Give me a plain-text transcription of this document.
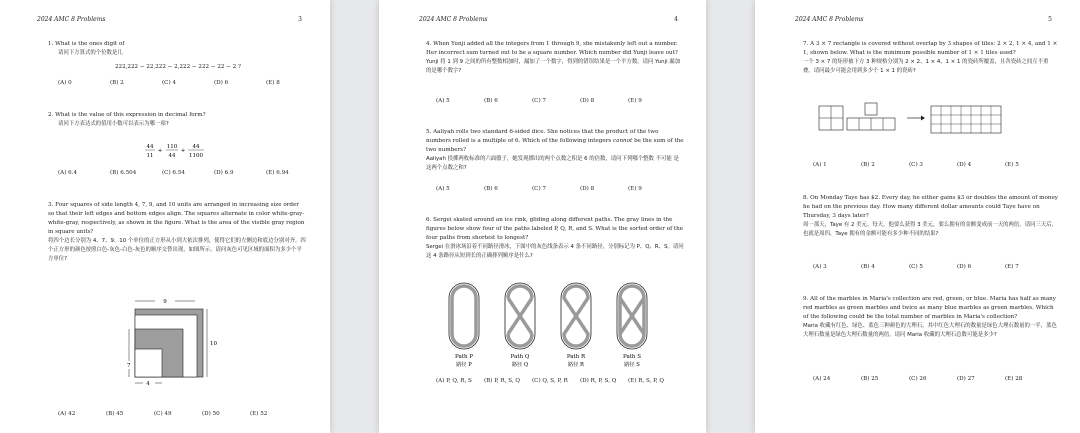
2024 AMC 8 Problems	3
1. What is the ones digit of
请问下方算式的个位数是几
222,222 − 22,222 − 2,222 − 222 − 22 − 2 ?
(A) 0	(B) 2	(C) 4	(D) 6	(E) 8
2. What is the value of this expression in decimal form?
请问下方表达式的值用小数可以表示为哪一项?
44
11
+
110
44
+
44
1100
(A) 6.4	(B) 6.504	(C) 6.54	(D) 6.9	(E) 6.94
3. Four squares of side length 4, 7, 9, and 10 units are arranged in increasing size order so that their left edges and bottom edges align. The squares alternate in color white-gray-white-gray, respectively, as shown in the figure. What is the area of the visible gray region in square units?
将四个边长分别为 4、7、9、10 个单位的正方形从小到大依次排列，使得它们的左侧边和底边分别对齐。四个正方形的颜色按照白色-灰色-白色-灰色的顺序交替出现，如图所示。请问灰色可见区域的面积为多少个平方单位?
9
10
7
4
(A) 42	(B) 45	(C) 49	(D) 50	(E) 52
2024 AMC 8 Problems	4
4. When Yunji added all the integers from 1 through 9, she mistakenly left out a number. Her incorrect sum turned out to be a square number. Which number did Yunji leave out?
Yunji 将 1 到 9 之间的所有整数相加时，漏加了一个数字，得到的错误结果是一个平方数。请问 Yunji 漏加的是哪个数字?
(A) 5	(B) 6	(C) 7	(D) 8	(E) 9
5. Aaliyah rolls two standard 6-sided dice. She notices that the product of the two numbers rolled is a multiple of 6. Which of the following integers cannot be the sum of the two numbers?
Aaliyah 投掷两枚标准的六面骰子，她发现掷出的两个点数之积是 6 的倍数，请问下列哪个整数 不可能 是这两个点数之和?
(A) 5	(B) 6	(C) 7	(D) 8	(E) 9
6. Sergei skated around an ice rink, gliding along different paths. The gray lines in the figures below show four of the paths labeled P, Q, R, and S. What is the sorted order of the four paths from shortest to longest?
Sergei 在滑冰场沿着不同路径滑冰，下图中的灰色线条表示 4 条不同路径，分别标记为 P、Q、R、S。请问这 4 条路径从短到长的正确排列顺序是什么?
Path P
路径 P
Path Q
路径 Q
Path R
路径 R
Path S
路径 S
(A) P, Q, R, S (B) P, R, S, Q (C) Q, S, P, R (D) R, P, S, Q (E) R, S, P, Q
2024 AMC 8 Problems	5
7. A 3 × 7 rectangle is covered without overlap by 3 shapes of tiles: 2 × 2, 1 × 4, and 1 × 1, shown below. What is the minimum possible number of 1 × 1 tiles used?
一个 3 × 7 的矩形被下方 3 种规格分别为 2 × 2、1 × 4、1 × 1 的瓷砖所覆盖，且各瓷砖之间互不重叠。请问最少可能会用到多少个 1 × 1 的瓷砖?
(A) 1	(B) 2	(C) 3	(D) 4	(E) 5
8. On Monday Taye has $2. Every day, he either gains $3 or doubles the amount of money he had on the previous day. How many different dollar amounts could Taye have on Thursday, 3 days later?
周一那天，Taye 有 2 美元。每天，他要么获得 3 美元，要么拥有的金额变成前一天的两倍。请问三天后，也就是周四，Taye 拥有的金额可能有多少种不同的结果?
(A) 3	(B) 4	(C) 5	(D) 6	(E) 7
9. All of the marbles in Maria's collection are red, green, or blue. Maria has half as many red marbles as green marbles and twice as many blue marbles as green marbles. Which of the following could be the total number of marbles in Maria's collection?
Maria 收藏有红色、绿色、蓝色三种颜色的大理石，其中红色大理石的数量是绿色大理石数量的一半，蓝色大理石数量是绿色大理石数量的两倍。请问 Maria 收藏的大理石总数可能是多少?
(A) 24	(B) 25	(C) 26	(D) 27	(E) 28
